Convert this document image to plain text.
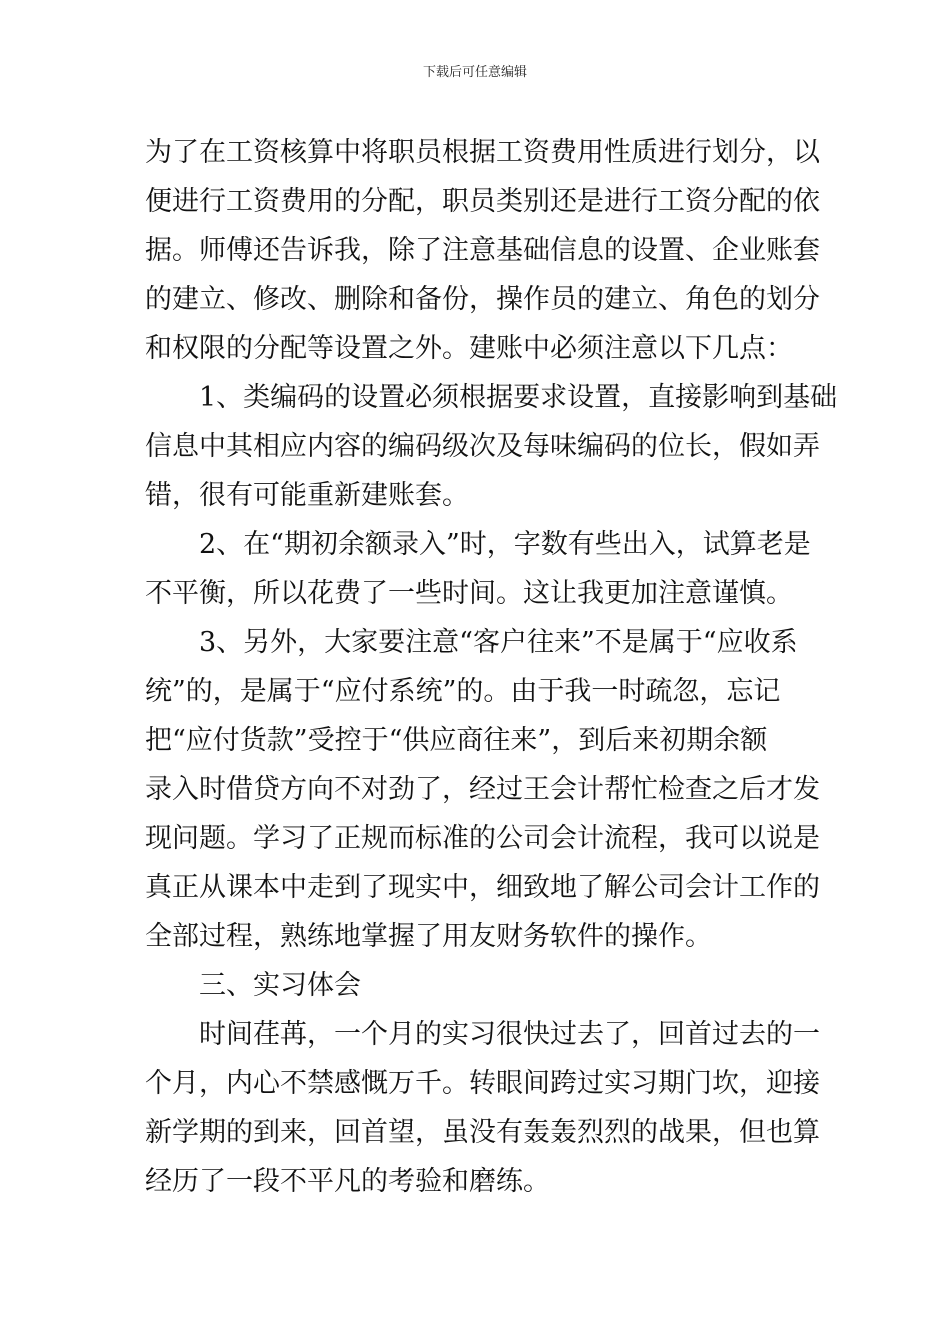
下载后可任意编辑

为了在工资核算中将职员根据工资费用性质进行划分，以
便进行工资费用的分配，职员类别还是进行工资分配的依
据。师傅还告诉我，除了注意基础信息的设置、企业账套
的建立、修改、删除和备份，操作员的建立、角色的划分
和权限的分配等设置之外。建账中必须注意以下几点：

1、类编码的设置必须根据要求设置，直接影响到基础
信息中其相应内容的编码级次及每味编码的位长，假如弄
错，很有可能重新建账套。

2、在“期初余额录入”时，字数有些出入，试算老是
不平衡，所以花费了一些时间。这让我更加注意谨慎。

3、另外，大家要注意“客户往来”不是属于“应收系
统”的，是属于“应付系统”的。由于我一时疏忽，忘记
把“应付货款”受控于“供应商往来”，到后来初期余额
录入时借贷方向不对劲了，经过王会计帮忙检查之后才发
现问题。学习了正规而标准的公司会计流程，我可以说是
真正从课本中走到了现实中，细致地了解公司会计工作的
全部过程，熟练地掌握了用友财务软件的操作。

三、实习体会

时间荏苒，一个月的实习很快过去了，回首过去的一
个月，内心不禁感慨万千。转眼间跨过实习期门坎，迎接
新学期的到来，回首望，虽没有轰轰烈烈的战果，但也算
经历了一段不平凡的考验和磨练。
